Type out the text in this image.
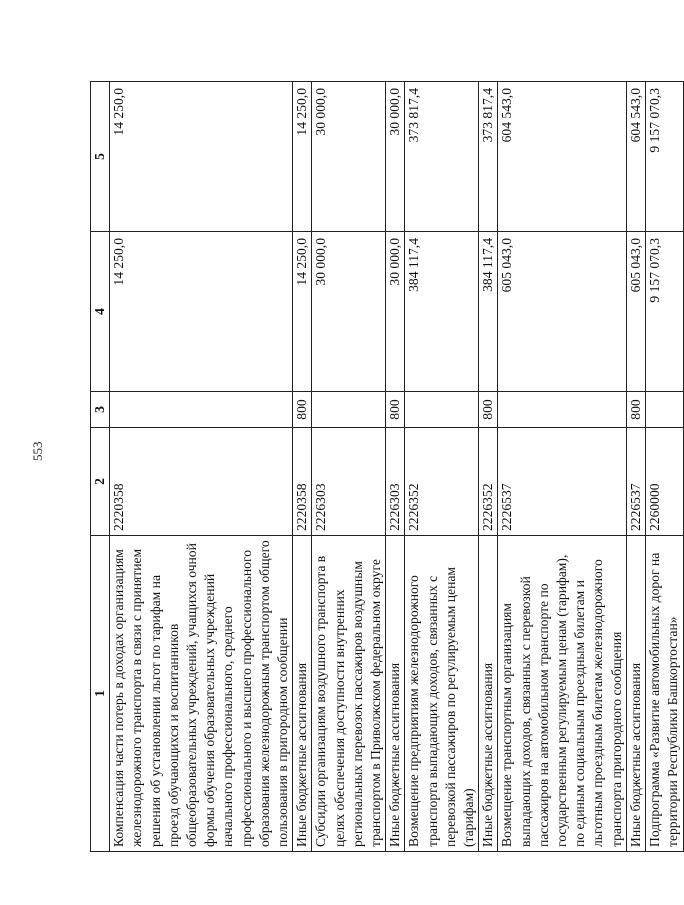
553
1	2	3	4	5
Компенсация части потерь в доходах организациям железнодорожного транспорта в связи с принятием решения об установлении льгот по тарифам на проезд обучающихся и воспитанников общеобразовательных учреждений, учащихся очной формы обучения образовательных учреждений начального профессионального, среднего профессионального и высшего профессионального образования железнодорожным транспортом общего пользования в пригородном сообщении	2220358		14 250,0	14 250,0
Иные бюджетные ассигнования	2220358	800	14 250,0	14 250,0
Субсидии организациям воздушного транспорта в целях обеспечения доступности внутренних региональных перевозок пассажиров воздушным транспортом в Приволжском федеральном округе	2226303		30 000,0	30 000,0
Иные бюджетные ассигнования	2226303	800	30 000,0	30 000,0
Возмещение предприятиям железнодорожного транспорта выпадающих доходов, связанных с перевозкой пассажиров по регулируемым ценам (тарифам)	2226352		384 117,4	373 817,4
Иные бюджетные ассигнования	2226352	800	384 117,4	373 817,4
Возмещение транспортным организациям выпадающих доходов, связанных с перевозкой пассажиров на автомобильном транспорте по государственным регулируемым ценам (тарифам), по единым социальным проездным билетам и льготным проездным билетам железнодорожного транспорта пригородного сообщения	2226537		605 043,0	604 543,0
Иные бюджетные ассигнования	2226537	800	605 043,0	604 543,0
Подпрограмма «Развитие автомобильных дорог на территории Республики Башкортостан»	2260000		9 157 070,3	9 157 070,3
